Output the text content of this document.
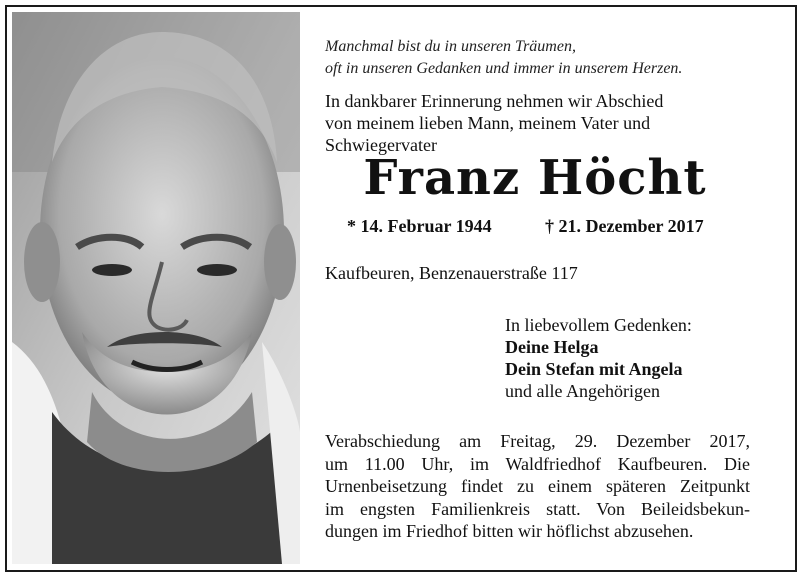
Manchmal bist du in unseren Träumen,
oft in unseren Gedanken und immer in unserem Herzen.
In dankbarer Erinnerung nehmen wir Abschied
von meinem lieben Mann, meinem Vater und
Schwiegervater
Franz Höcht
* 14. Februar 1944	† 21. Dezember 2017
Kaufbeuren, Benzenauerstraße 117
In liebevollem Gedenken:
Deine Helga
Dein Stefan mit Angela
und alle Angehörigen
Verabschiedung am Freitag, 29. Dezember 2017,
um 11.00 Uhr, im Waldfriedhof Kaufbeuren. Die
Urnenbeisetzung findet zu einem späteren Zeitpunkt
im engsten Familienkreis statt. Von Beileidsbekun-
dungen im Friedhof bitten wir höflichst abzusehen.
